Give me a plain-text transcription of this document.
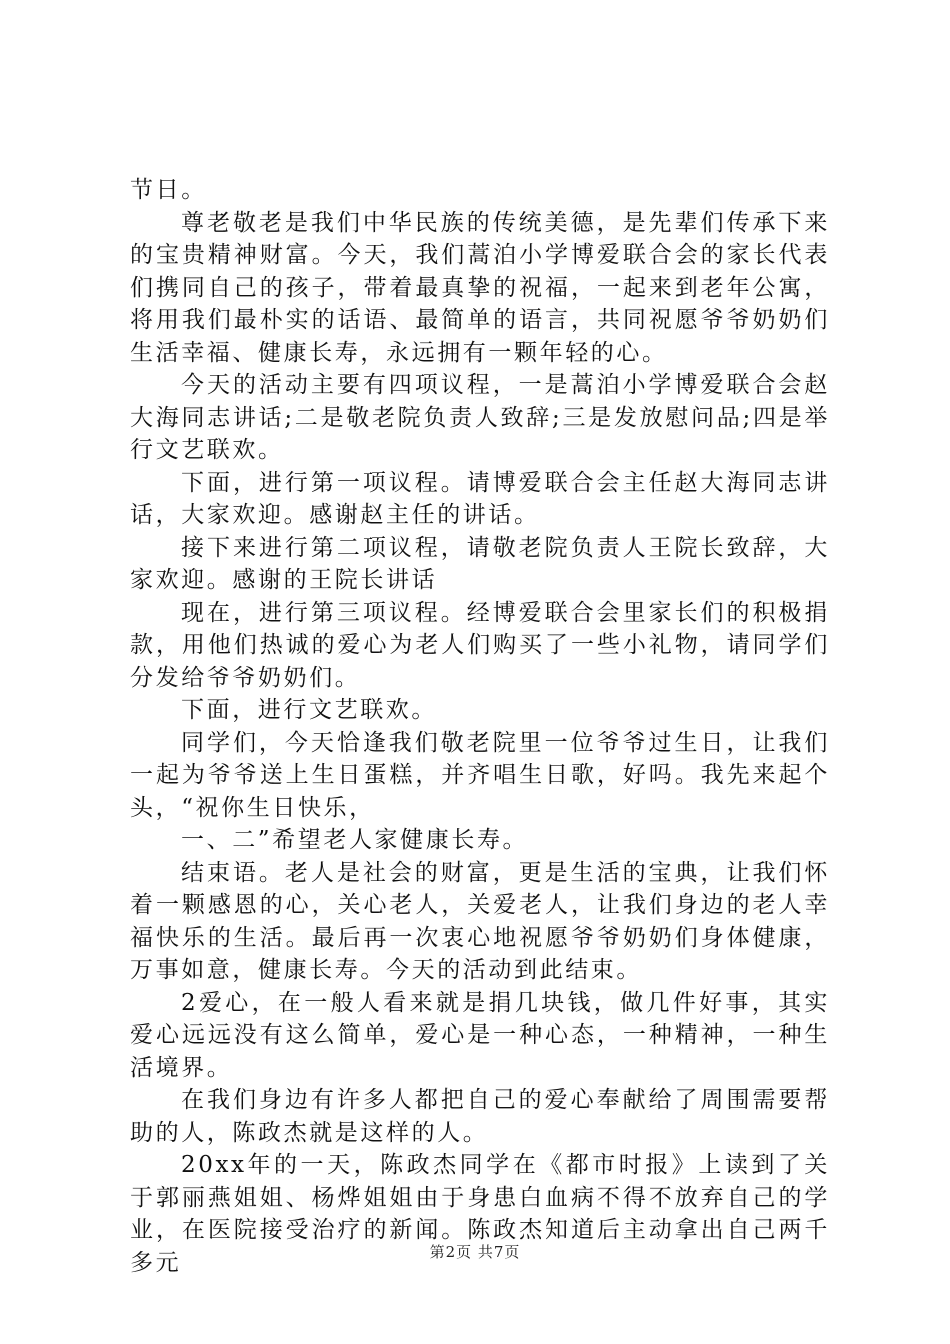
节日。

尊老敬老是我们中华民族的传统美德，是先辈们传承下来的宝贵精神财富。今天，我们蒿泊小学博爱联合会的家长代表们携同自己的孩子，带着最真挚的祝福，一起来到老年公寓，将用我们最朴实的话语、最简单的语言，共同祝愿爷爷奶奶们生活幸福、健康长寿，永远拥有一颗年轻的心。

今天的活动主要有四项议程，一是蒿泊小学博爱联合会赵大海同志讲话;二是敬老院负责人致辞;三是发放慰问品;四是举行文艺联欢。

下面，进行第一项议程。请博爱联合会主任赵大海同志讲话，大家欢迎。感谢赵主任的讲话。

接下来进行第二项议程，请敬老院负责人王院长致辞，大家欢迎。感谢的王院长讲话

现在，进行第三项议程。经博爱联合会里家长们的积极捐款，用他们热诚的爱心为老人们购买了一些小礼物，请同学们分发给爷爷奶奶们。

下面，进行文艺联欢。

同学们，今天恰逢我们敬老院里一位爷爷过生日，让我们一起为爷爷送上生日蛋糕，并齐唱生日歌，好吗。我先来起个头，“祝你生日快乐，

一、二”希望老人家健康长寿。

结束语。老人是社会的财富，更是生活的宝典，让我们怀着一颗感恩的心，关心老人，关爱老人，让我们身边的老人幸福快乐的生活。最后再一次衷心地祝愿爷爷奶奶们身体健康，万事如意，健康长寿。今天的活动到此结束。

2爱心，在一般人看来就是捐几块钱，做几件好事，其实爱心远远没有这么简单，爱心是一种心态，一种精神，一种生活境界。

在我们身边有许多人都把自己的爱心奉献给了周围需要帮助的人，陈政杰就是这样的人。

20xx年的一天，陈政杰同学在《都市时报》上读到了关于郭丽燕姐姐、杨烨姐姐由于身患白血病不得不放弃自己的学业，在医院接受治疗的新闻。陈政杰知道后主动拿出自己两千多元	第2页 共7页
